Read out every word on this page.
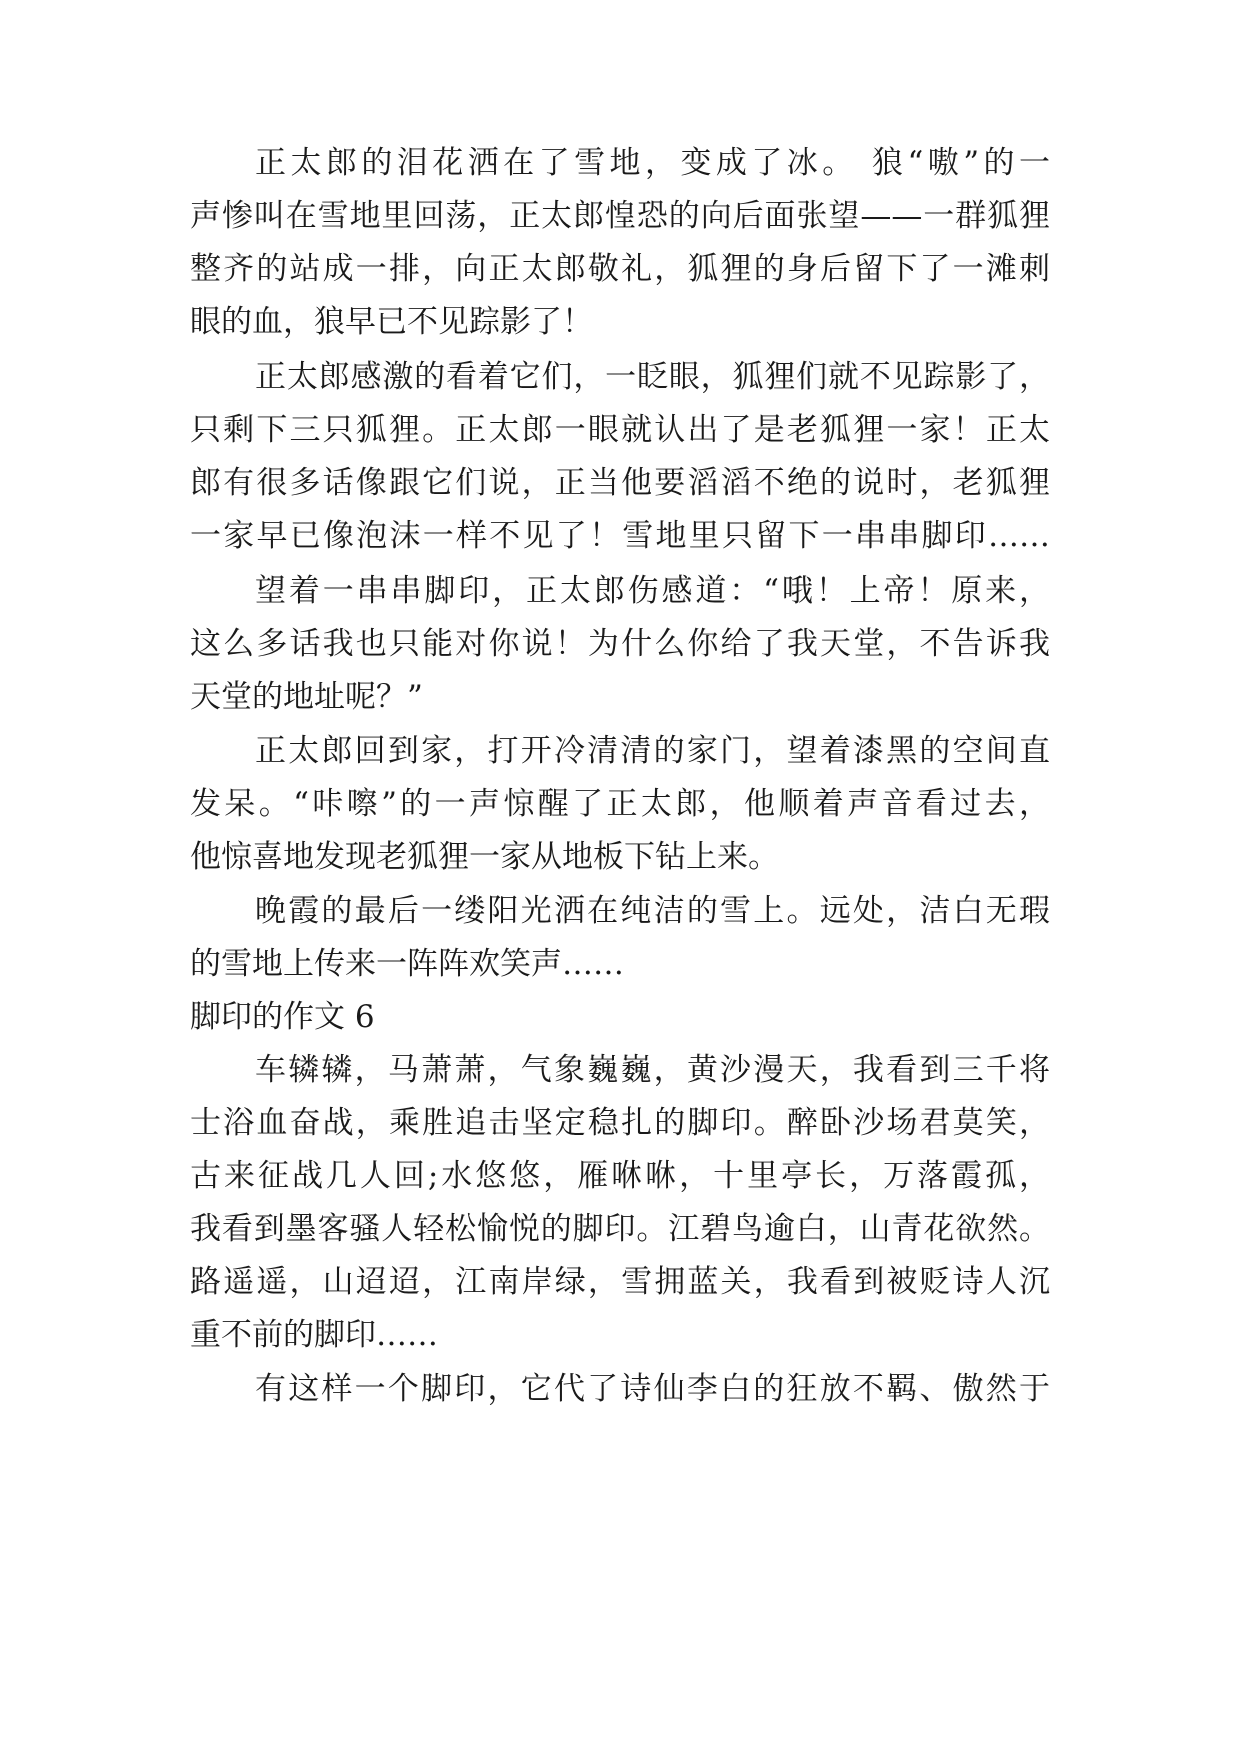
正太郎的泪花洒在了雪地，变成了冰。 狼“嗷”的一
声惨叫在雪地里回荡，正太郎惶恐的向后面张望——一群狐狸
整齐的站成一排，向正太郎敬礼，狐狸的身后留下了一滩刺
眼的血，狼早已不见踪影了！
正太郎感激的看着它们，一眨眼，狐狸们就不见踪影了，
只剩下三只狐狸。正太郎一眼就认出了是老狐狸一家！正太
郎有很多话像跟它们说，正当他要滔滔不绝的说时，老狐狸
一家早已像泡沫一样不见了！雪地里只留下一串串脚印……
望着一串串脚印，正太郎伤感道：“哦！上帝！原来，
这么多话我也只能对你说！为什么你给了我天堂，不告诉我
天堂的地址呢？”
正太郎回到家，打开冷清清的家门，望着漆黑的空间直
发呆。“咔嚓”的一声惊醒了正太郎，他顺着声音看过去，
他惊喜地发现老狐狸一家从地板下钻上来。
晚霞的最后一缕阳光洒在纯洁的雪上。远处，洁白无瑕
的雪地上传来一阵阵欢笑声……
脚印的作文 6
车辚辚，马萧萧，气象巍巍，黄沙漫天，我看到三千将
士浴血奋战，乘胜追击坚定稳扎的脚印。醉卧沙场君莫笑，
古来征战几人回;水悠悠，雁咻咻，十里亭长，万落霞孤，
我看到墨客骚人轻松愉悦的脚印。江碧鸟逾白，山青花欲然。
路遥遥，山迢迢，江南岸绿，雪拥蓝关，我看到被贬诗人沉
重不前的脚印……
有这样一个脚印，它代了诗仙李白的狂放不羁、傲然于
